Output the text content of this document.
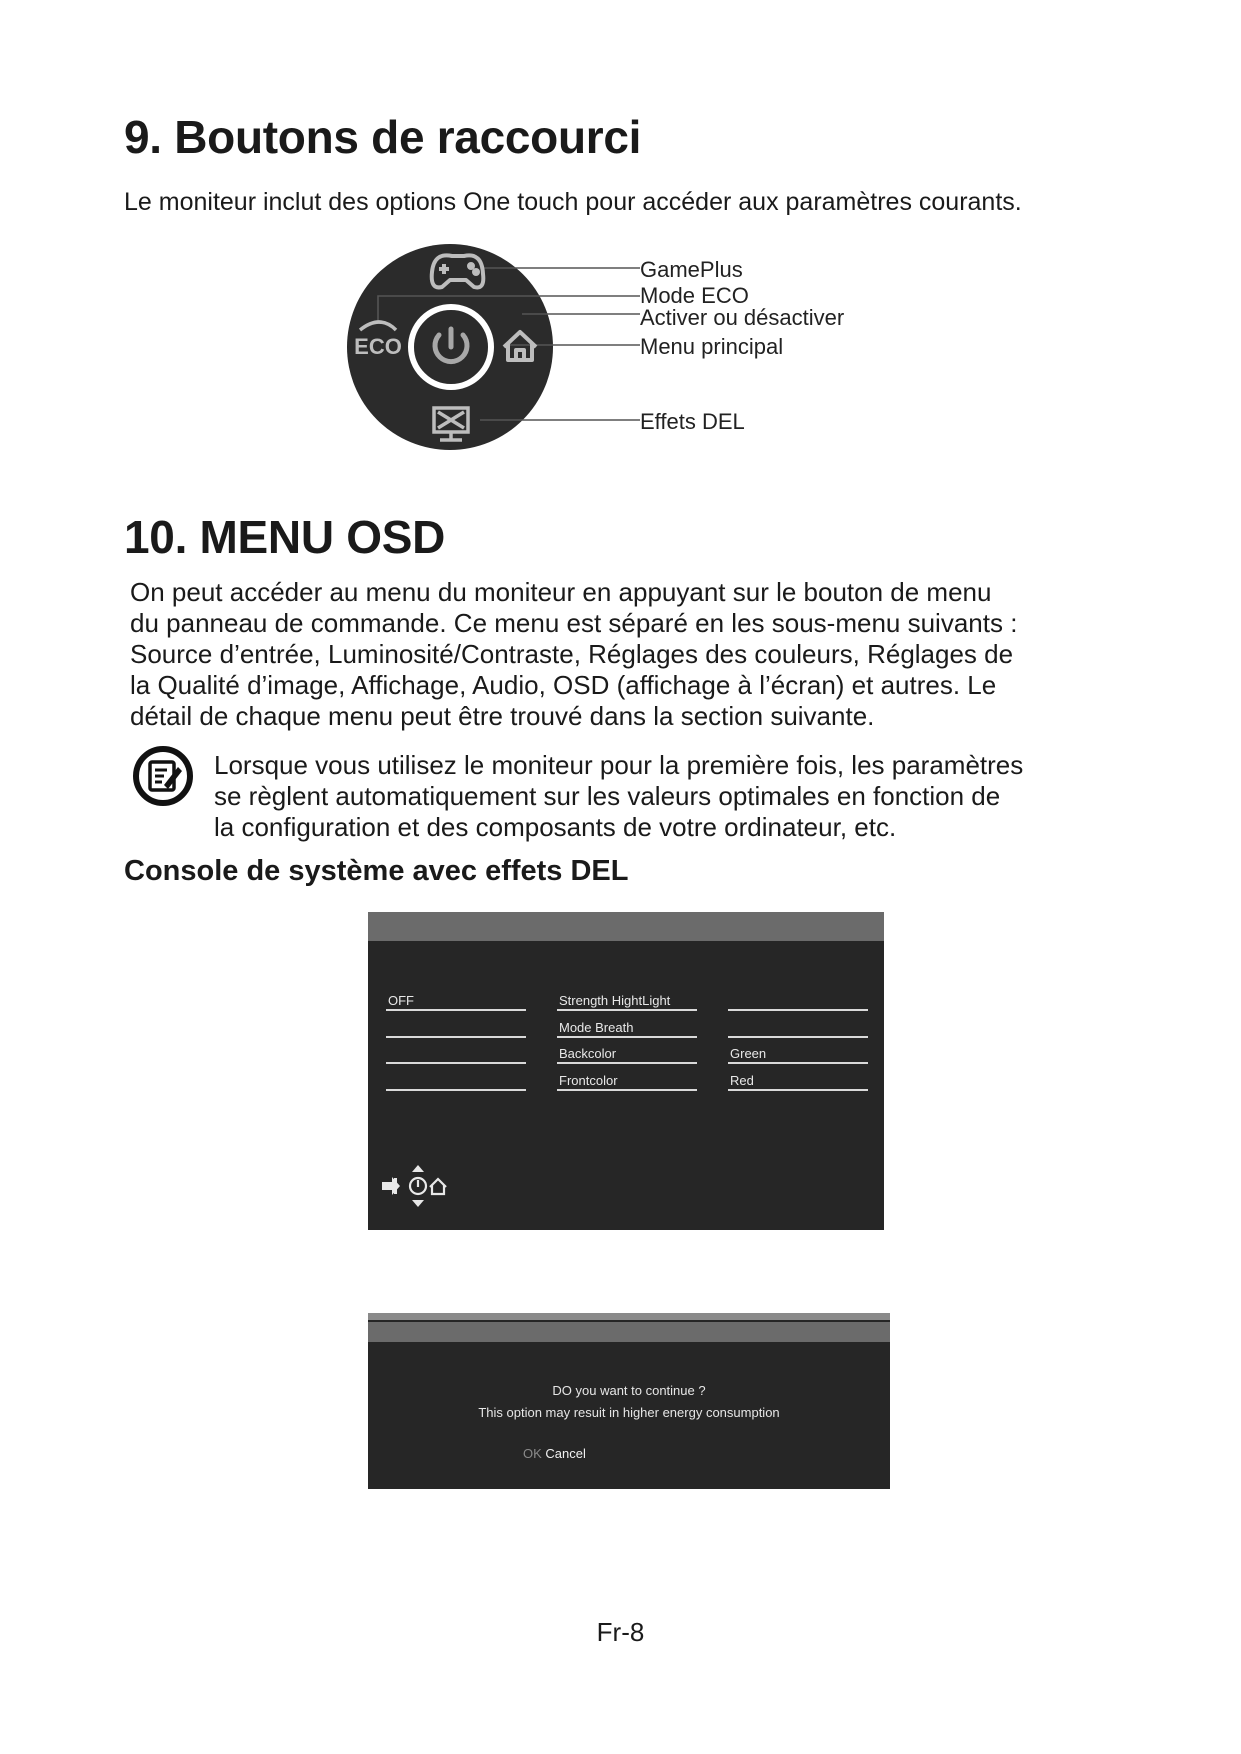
9. Boutons de raccourci
Le moniteur inclut des options One touch pour accéder aux paramètres courants.
ECO
GamePlus
Mode ECO
Activer ou désactiver
Menu principal
Effets DEL
10. MENU OSD
On peut accéder au menu du moniteur en appuyant sur le bouton de menu
du panneau de commande. Ce menu est séparé en les sous-menu suivants :
Source d’entrée, Luminosité/Contraste, Réglages des couleurs, Réglages de
la Qualité d’image, Affichage, Audio, OSD (affichage à l’écran) et autres. Le
détail de chaque menu peut être trouvé dans la section suivante.
Lorsque vous utilisez le moniteur pour la première fois, les paramètres
se règlent automatiquement sur les valeurs optimales en fonction de
la configuration et des composants de votre ordinateur, etc.
Console de système avec effets DEL
OFF	Strength HightLight
Mode Breath
Backcolor
Frontcolor
Green
Red
DO you want to continue ?
This option may resuit in higher energy consumption
OK Cancel
Fr-8
